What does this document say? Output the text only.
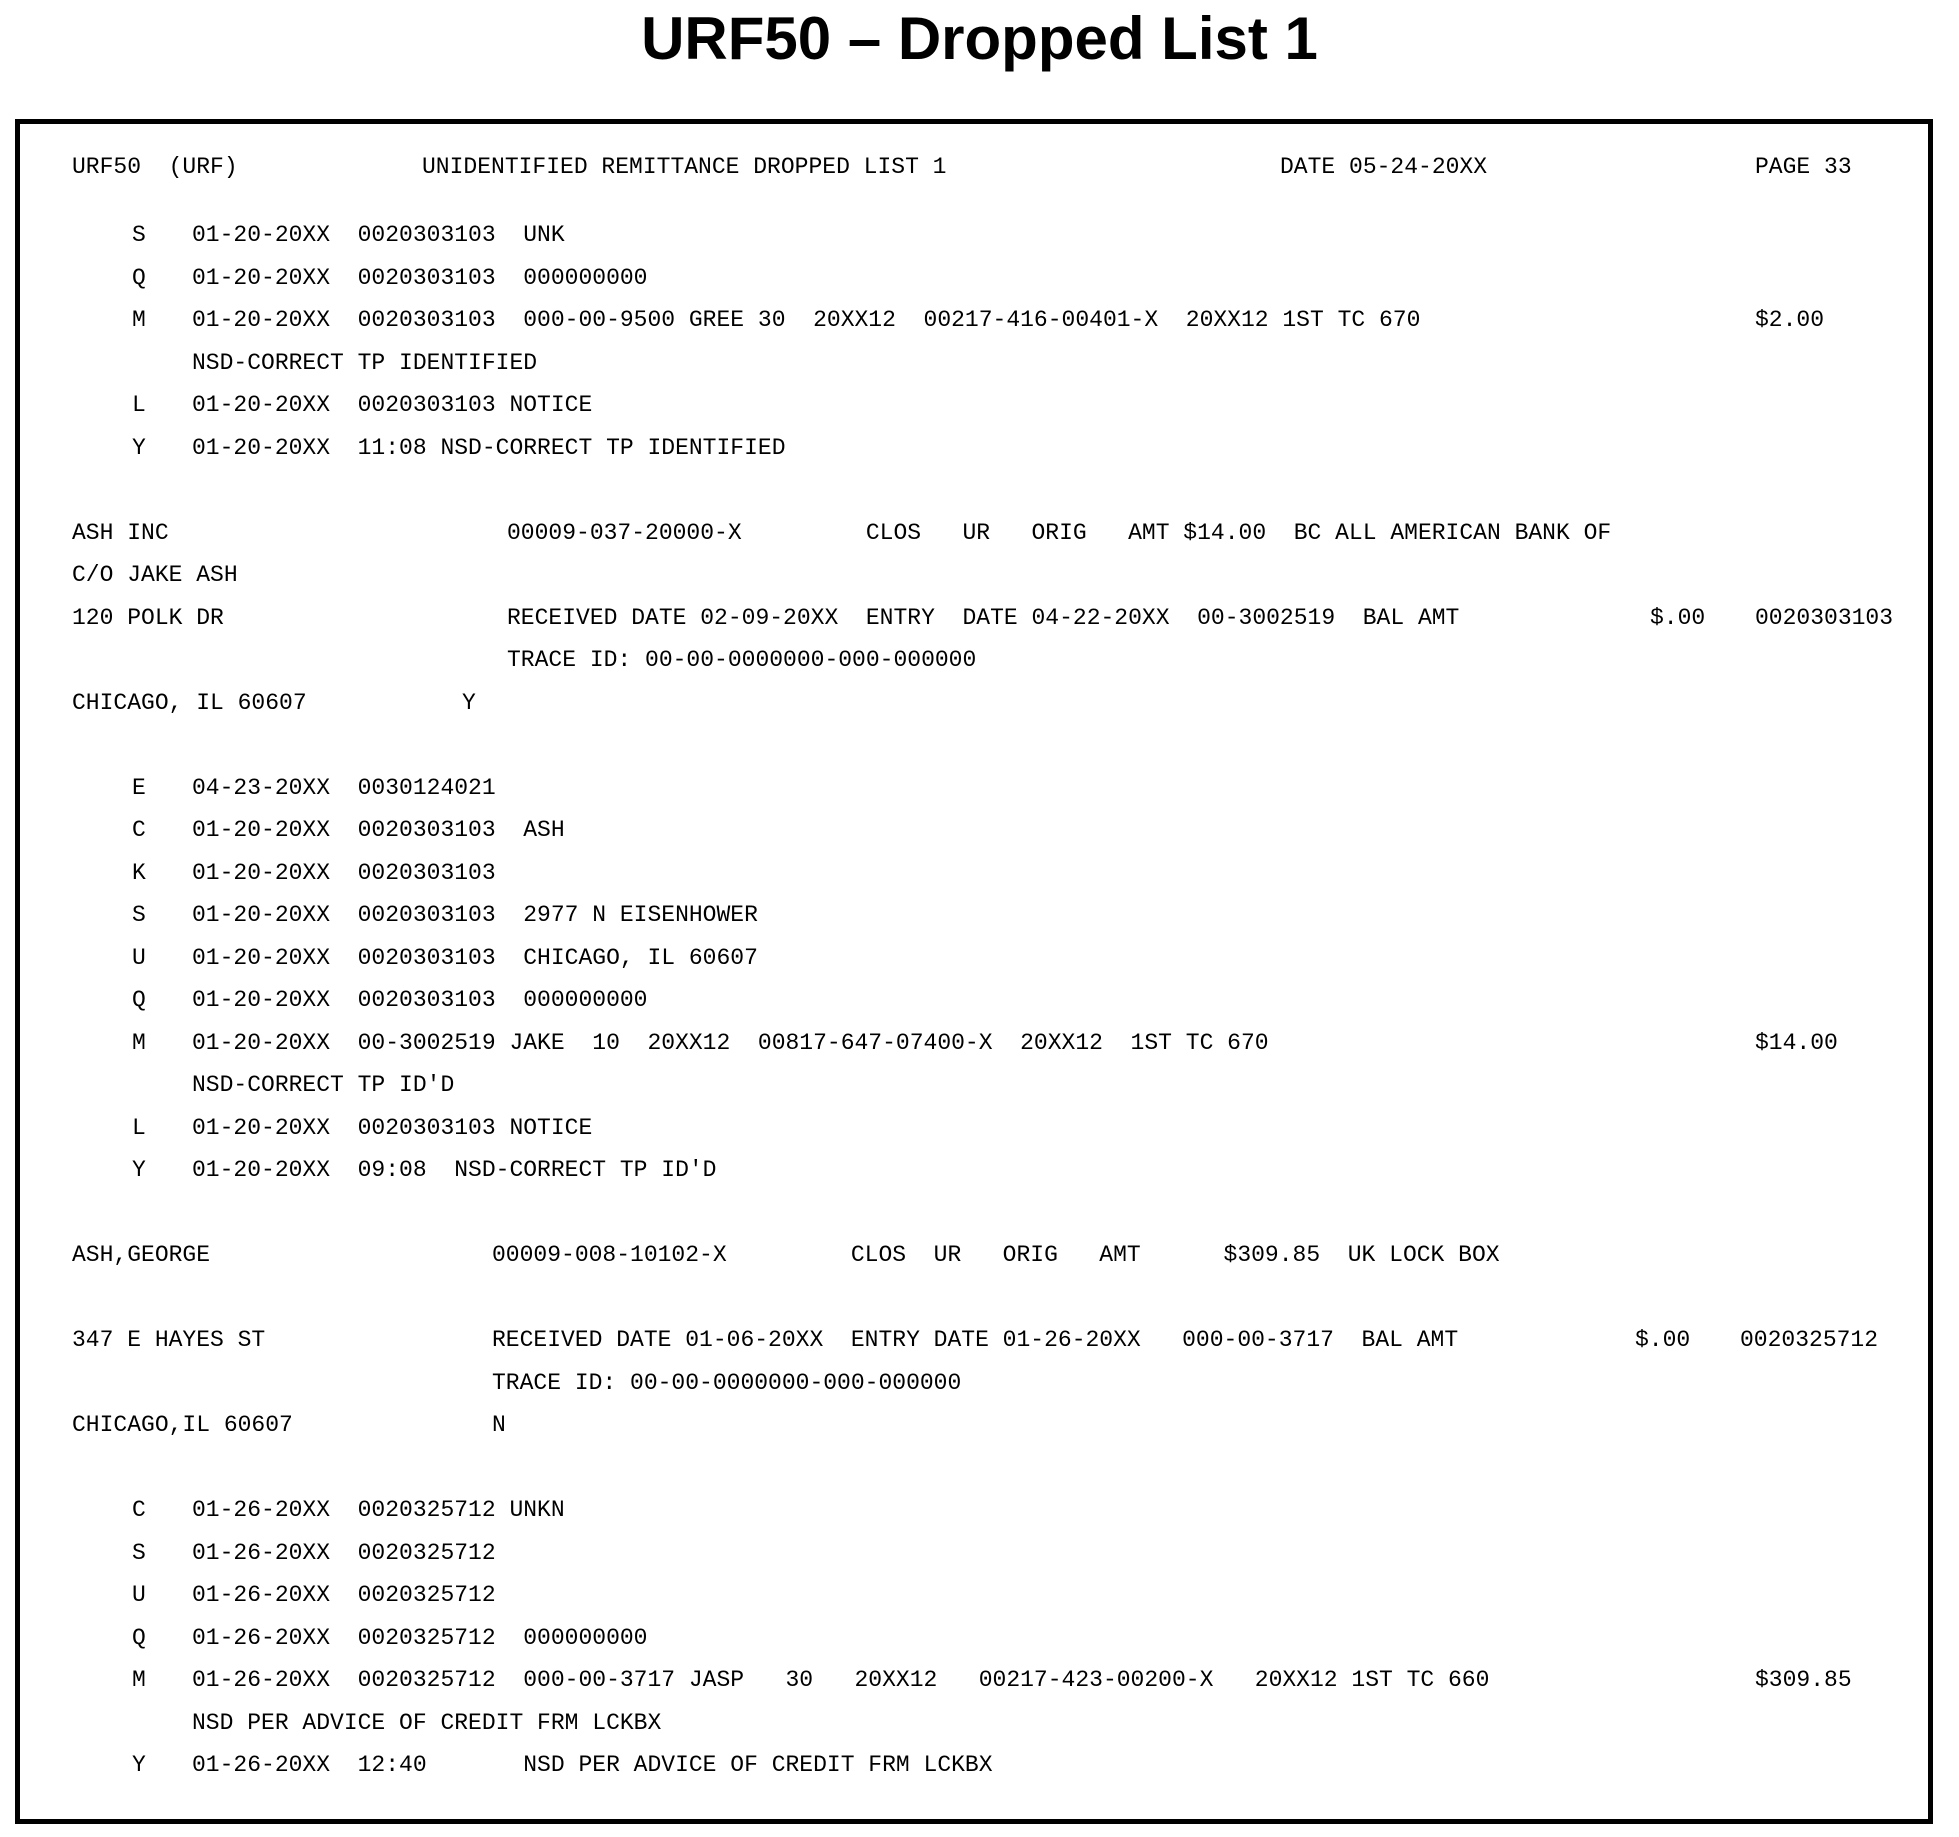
URF50 – Dropped List 1
URF50  (URF)	UNIDENTIFIED REMITTANCE DROPPED LIST 1	DATE 05-24-20XX	PAGE 33
S 01-20-20XX  0020303103  UNK
Q 01-20-20XX  0020303103  000000000
M 01-20-20XX  0020303103  000-00-9500 GREE 30  20XX12  00217-416-00401-X  20XX12 1ST TC 670	$2.00
NSD-CORRECT TP IDENTIFIED
L 01-20-20XX  0020303103 NOTICE
Y 01-20-20XX  11:08 NSD-CORRECT TP IDENTIFIED
ASH INC	00009-037-20000-X         CLOS   UR   ORIG   AMT $14.00  BC ALL AMERICAN BANK OF
C/O JAKE ASH
120 POLK DR	RECEIVED DATE 02-09-20XX  ENTRY  DATE 04-22-20XX  00-3002519  BAL AMT	$.00 0020303103
TRACE ID: 00-00-0000000-000-000000
CHICAGO, IL 60607	Y
E 04-23-20XX  0030124021
C 01-20-20XX  0020303103  ASH
K 01-20-20XX  0020303103
S 01-20-20XX  0020303103  2977 N EISENHOWER
U 01-20-20XX  0020303103  CHICAGO, IL 60607
Q 01-20-20XX  0020303103  000000000
M 01-20-20XX  00-3002519 JAKE  10  20XX12  00817-647-07400-X  20XX12  1ST TC 670	$14.00
NSD-CORRECT TP ID'D
L 01-20-20XX  0020303103 NOTICE
Y 01-20-20XX  09:08  NSD-CORRECT TP ID'D
ASH,GEORGE	00009-008-10102-X         CLOS  UR   ORIG   AMT      $309.85  UK LOCK BOX
347 E HAYES ST	RECEIVED DATE 01-06-20XX  ENTRY DATE 01-26-20XX   000-00-3717  BAL AMT	$.00 0020325712
TRACE ID: 00-00-0000000-000-000000
CHICAGO,IL 60607	N
C 01-26-20XX  0020325712 UNKN
S 01-26-20XX  0020325712
U 01-26-20XX  0020325712
Q 01-26-20XX  0020325712  000000000
M 01-26-20XX  0020325712  000-00-3717 JASP   30   20XX12   00217-423-00200-X   20XX12 1ST TC 660	$309.85
NSD PER ADVICE OF CREDIT FRM LCKBX
Y 01-26-20XX  12:40       NSD PER ADVICE OF CREDIT FRM LCKBX
